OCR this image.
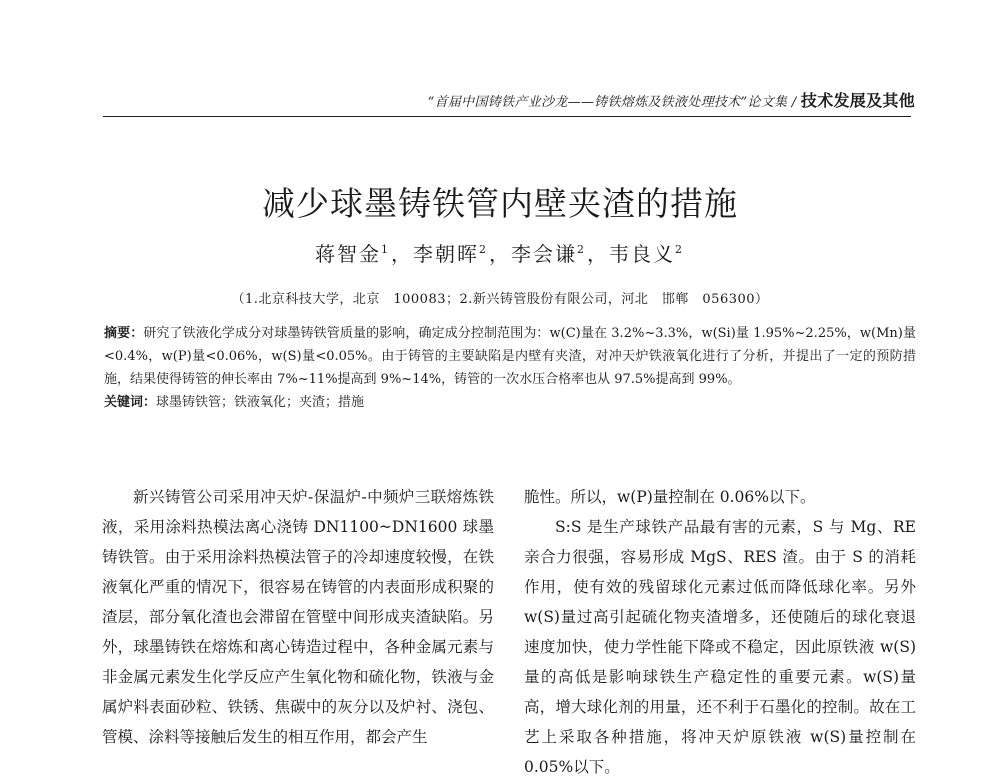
“首届中国铸铁产业沙龙——铸铁熔炼及铁液处理技术”论文集 / 技术发展及其他
减少球墨铸铁管内壁夹渣的措施
蒋智金$^1$，李朝晖$^2$，李会谦$^2$，韦良义$^2$
（1.北京科技大学，北京　100083；2.新兴铸管股份有限公司，河北　邯郸　056300）
摘要：研究了铁液化学成分对球墨铸铁管质量的影响，确定成分控制范围为：w(C)量在 3.2%~3.3%，w(Si)量 1.95%~2.25%，w(Mn)量<0.4%，w(P)量<0.06%，w(S)量<0.05%。由于铸管的主要缺陷是内壁有夹渣，对冲天炉铁液氧化进行了分析，并提出了一定的预防措施，结果使得铸管的伸长率由 7%~11%提高到 9%~14%，铸管的一次水压合格率也从 97.5%提高到 99%。
关键词：球墨铸铁管；铁液氧化；夹渣；措施

新兴铸管公司采用冲天炉-保温炉-中频炉三联熔炼铁液，采用涂料热模法离心浇铸 DN1100~DN1600 球墨铸铁管。由于采用涂料热模法管子的冷却速度较慢，在铁液氧化严重的情况下，很容易在铸管的内表面形成积聚的渣层，部分氧化渣也会滞留在管壁中间形成夹渣缺陷。另外，球墨铸铁在熔炼和离心铸造过程中，各种金属元素与非金属元素发生化学反应产生氧化物和硫化物，铁液与金属炉料表面砂粒、铁锈、焦碳中的灰分以及炉衬、浇包、管模、涂料等接触后发生的相互作用，都会产生

脆性。所以，w(P)量控制在 0.06%以下。

S:S 是生产球铁产品最有害的元素，S 与 Mg、RE 亲合力很强，容易形成 MgS、RES 渣。由于 S 的消耗作用，使有效的残留球化元素过低而降低球化率。另外 w(S)量过高引起硫化物夹渣增多，还使随后的球化衰退速度加快，使力学性能下降或不稳定，因此原铁液 w(S)量的高低是影响球铁生产稳定性的重要元素。w(S)量高，增大球化剂的用量，还不利于石墨化的控制。故在工艺上采取各种措施，将冲天炉原铁液 w(S)量控制在 0.05%以下。
